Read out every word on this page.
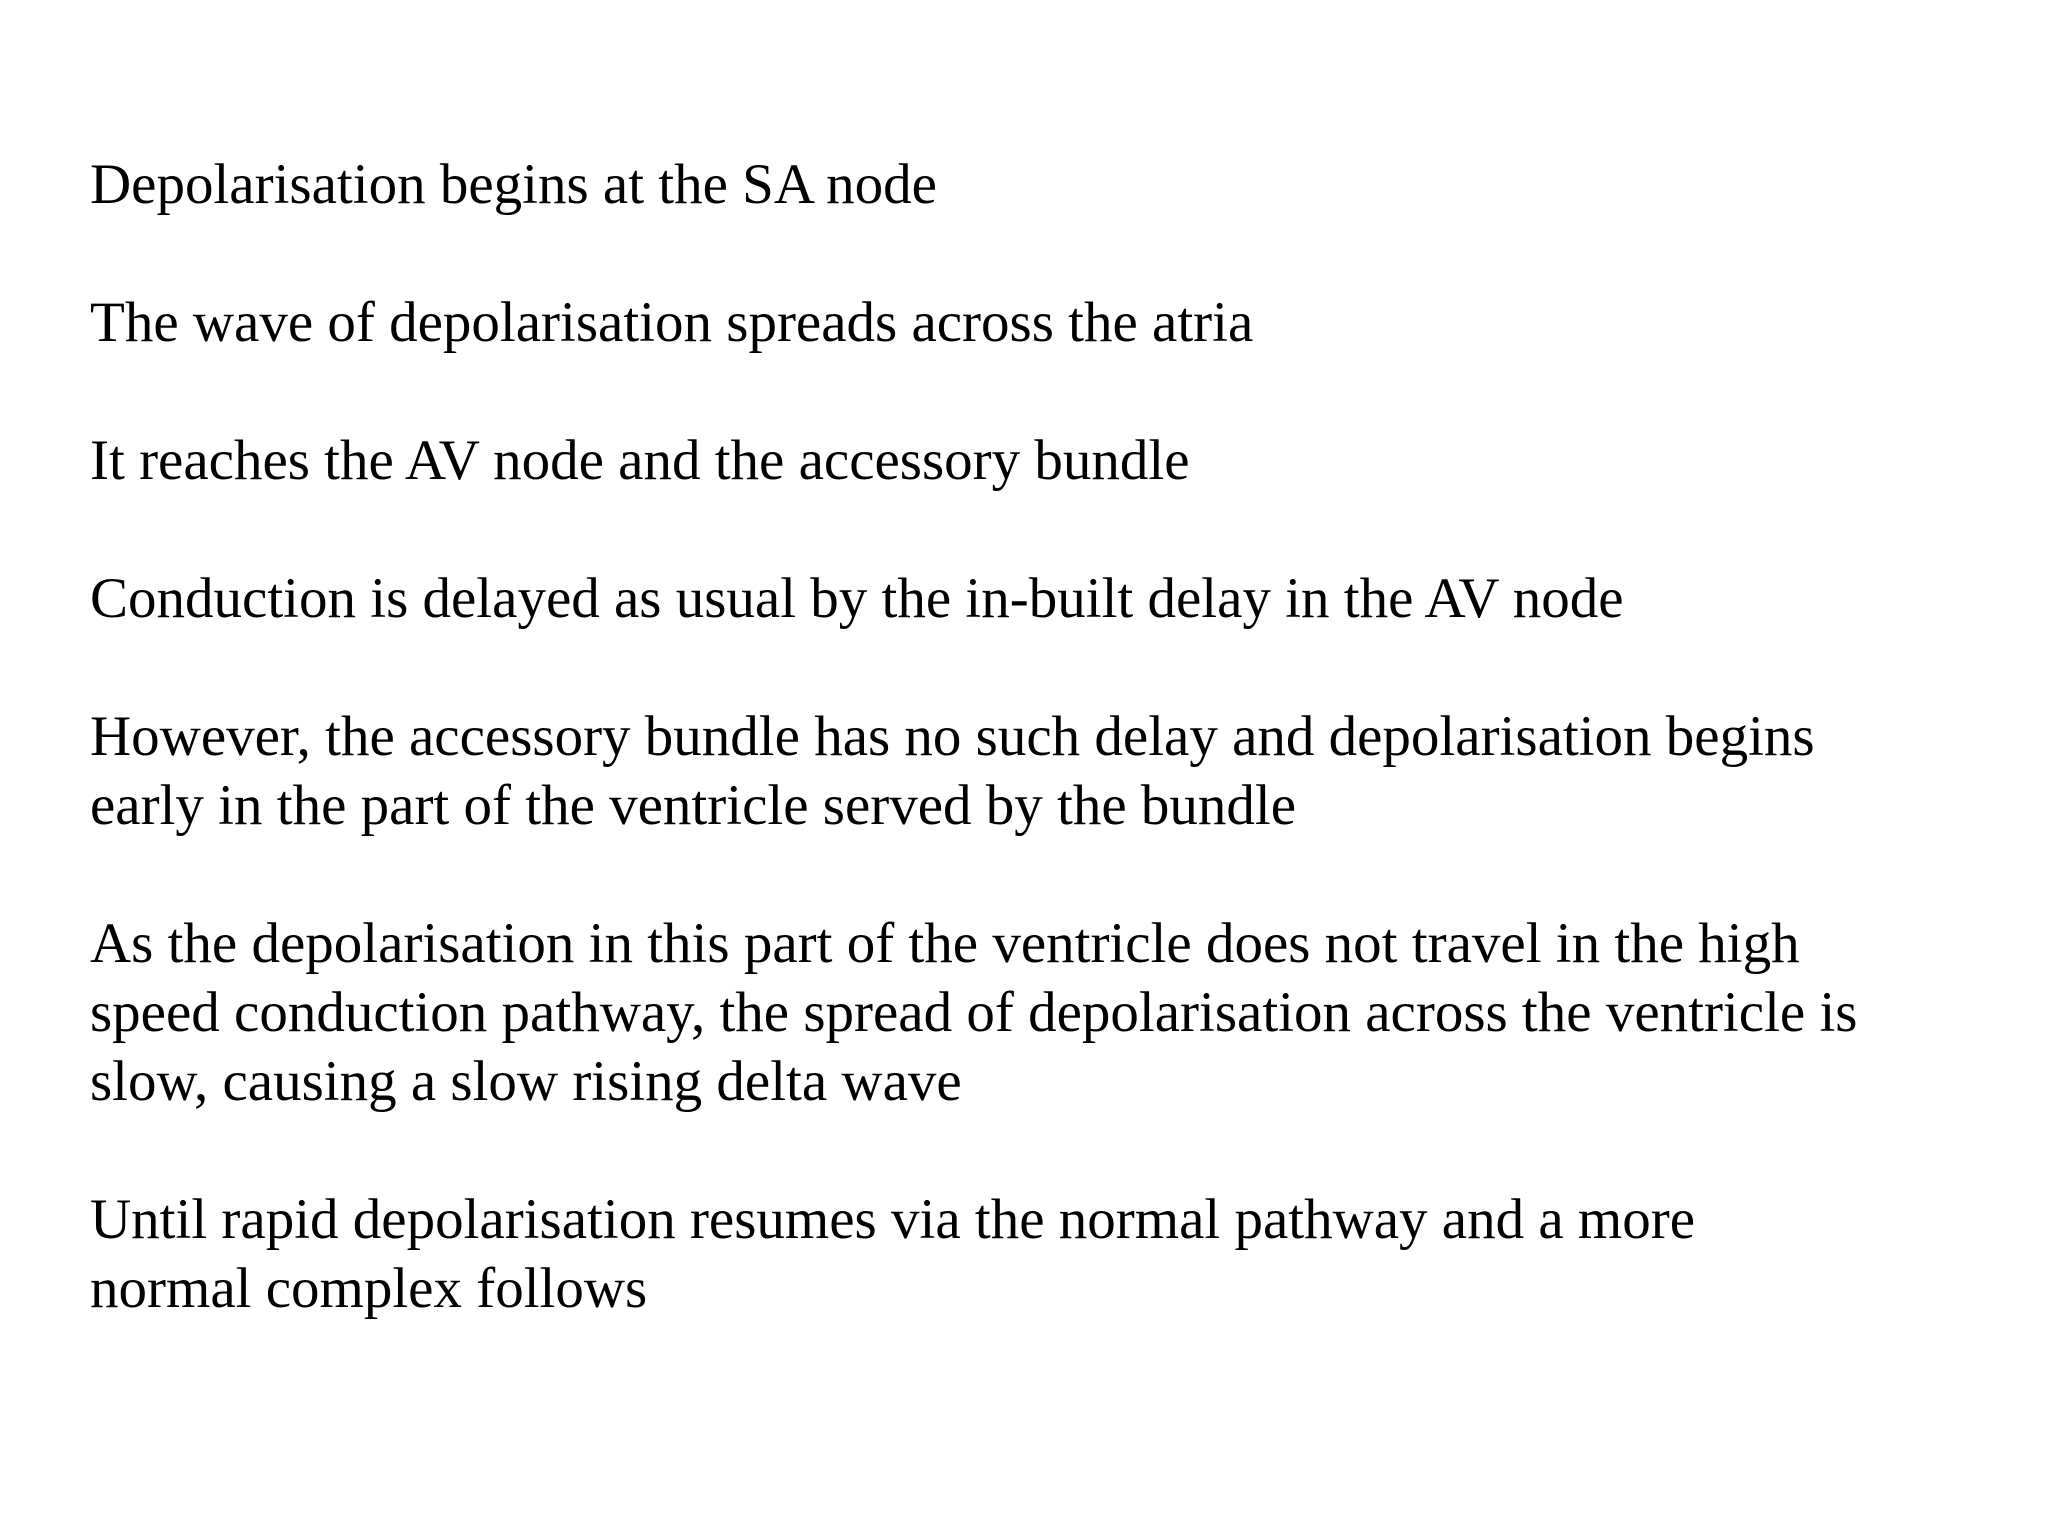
Depolarisation begins at the SA node

The wave of depolarisation spreads across the atria

It reaches the AV node and the accessory bundle

Conduction is delayed as usual by the in-built delay in the AV node

However, the accessory bundle has no such delay and depolarisation begins
early in the part of the ventricle served by the bundle

As the depolarisation in this part of the ventricle does not travel in the high
speed conduction pathway, the spread of depolarisation across the ventricle is
slow, causing a slow rising delta wave

Until rapid depolarisation resumes via the normal pathway and a more
normal complex follows
